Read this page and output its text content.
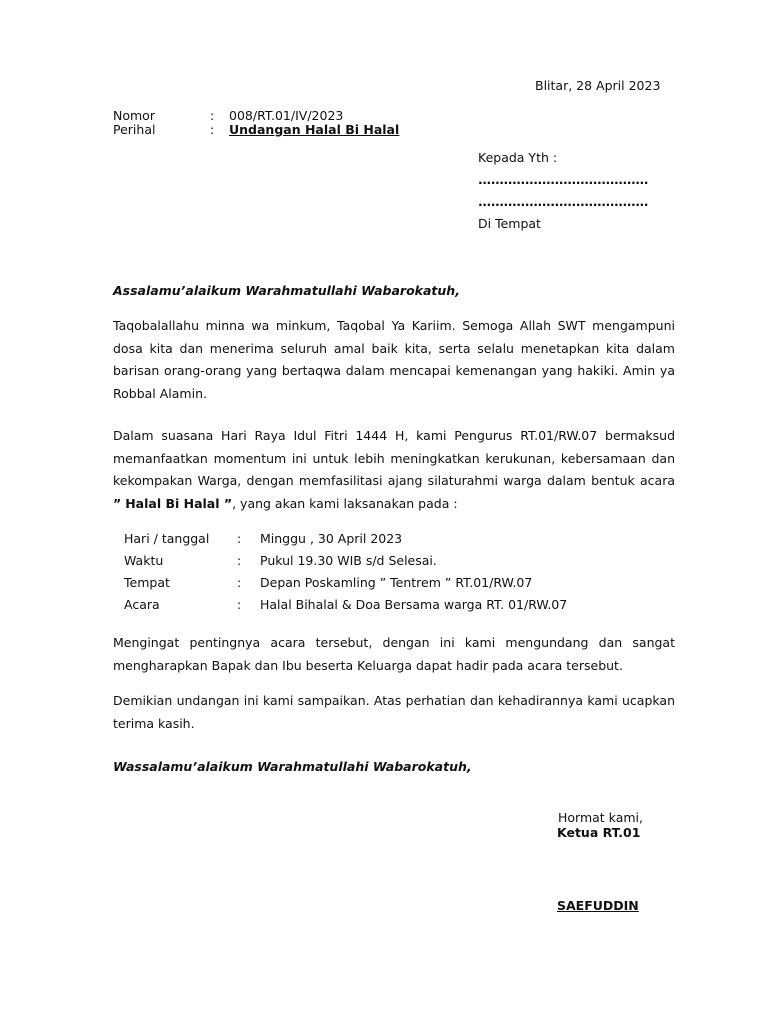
Blitar, 28 April 2023
Nomor	: 008/RT.01/IV/2023
Perihal	: Undangan Halal Bi Halal
Kepada Yth :
........................................
........................................
Di Tempat
Assalamu’alaikum Warahmatullahi Wabarokatuh,

Taqobalallahu minna wa minkum, Taqobal Ya Kariim. Semoga Allah SWT mengampuni dosa kita dan menerima seluruh amal baik kita, serta selalu menetapkan kita dalam barisan orang-orang yang bertaqwa dalam mencapai kemenangan yang hakiki. Amin ya Robbal Alamin.

Dalam suasana Hari Raya Idul Fitri 1444 H, kami Pengurus RT.01/RW.07 bermaksud memanfaatkan momentum ini untuk lebih meningkatkan kerukunan, kebersamaan dan kekompakan Warga, dengan memfasilitasi ajang silaturahmi warga dalam bentuk acara ” Halal Bi Halal ”, yang akan kami laksanakan pada :

Hari / tanggal : Minggu , 30 April 2023
Waktu	: Pukul 19.30 WIB s/d Selesai.
Tempat	: Depan Poskamling ” Tentrem ” RT.01/RW.07
Acara	: Halal Bihalal & Doa Bersama warga RT. 01/RW.07

Mengingat pentingnya acara tersebut, dengan ini kami mengundang dan sangat mengharapkan Bapak dan Ibu beserta Keluarga dapat hadir pada acara tersebut.

Demikian undangan ini kami sampaikan. Atas perhatian dan kehadirannya kami ucapkan terima kasih.

Wassalamu’alaikum Warahmatullahi Wabarokatuh,
Hormat kami,
Ketua RT.01
SAEFUDDIN
